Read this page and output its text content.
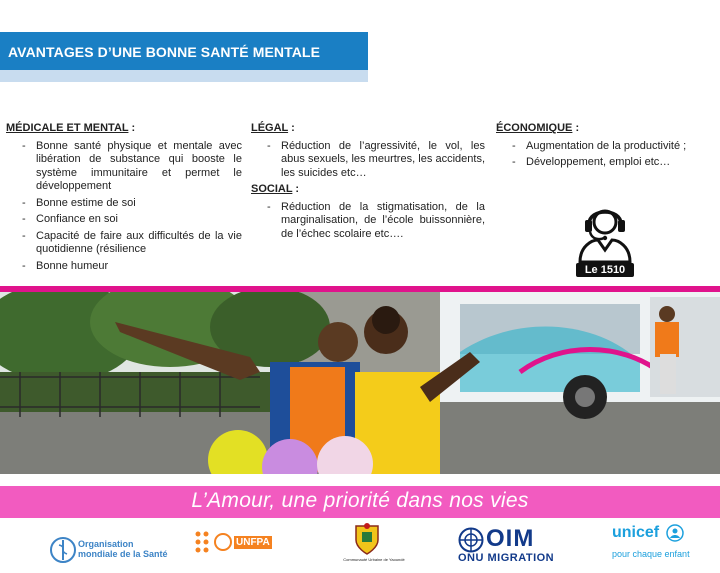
AVANTAGES D’UNE BONNE SANTÉ MENTALE
MÉDICALE ET MENTAL :
- Bonne santé physique et mentale avec libération de substance qui booste le système immunitaire et permet le développement
- Bonne estime de soi
- Confiance en soi
- Capacité de faire aux difficultés de la vie quotidienne (résilience
- Bonne humeur
LÉGAL :
- Réduction de l’agressivité, le vol, les abus sexuels, les meurtres, les accidents, les suicides etc…
SOCIAL :
- Réduction de la stigmatisation, de la marginalisation, de l’école buissonnière, de l’échec scolaire etc….
ÉCONOMIQUE :
- Augmentation de la productivité ;
- Développement, emploi etc…
Le 1510
L’Amour, une priorité dans nos vies
Organisation
mondiale de la Santé
UNFPA
Communauté Urbaine de Yaoundé
OIM
ONU MIGRATION
unicef
pour chaque enfant
